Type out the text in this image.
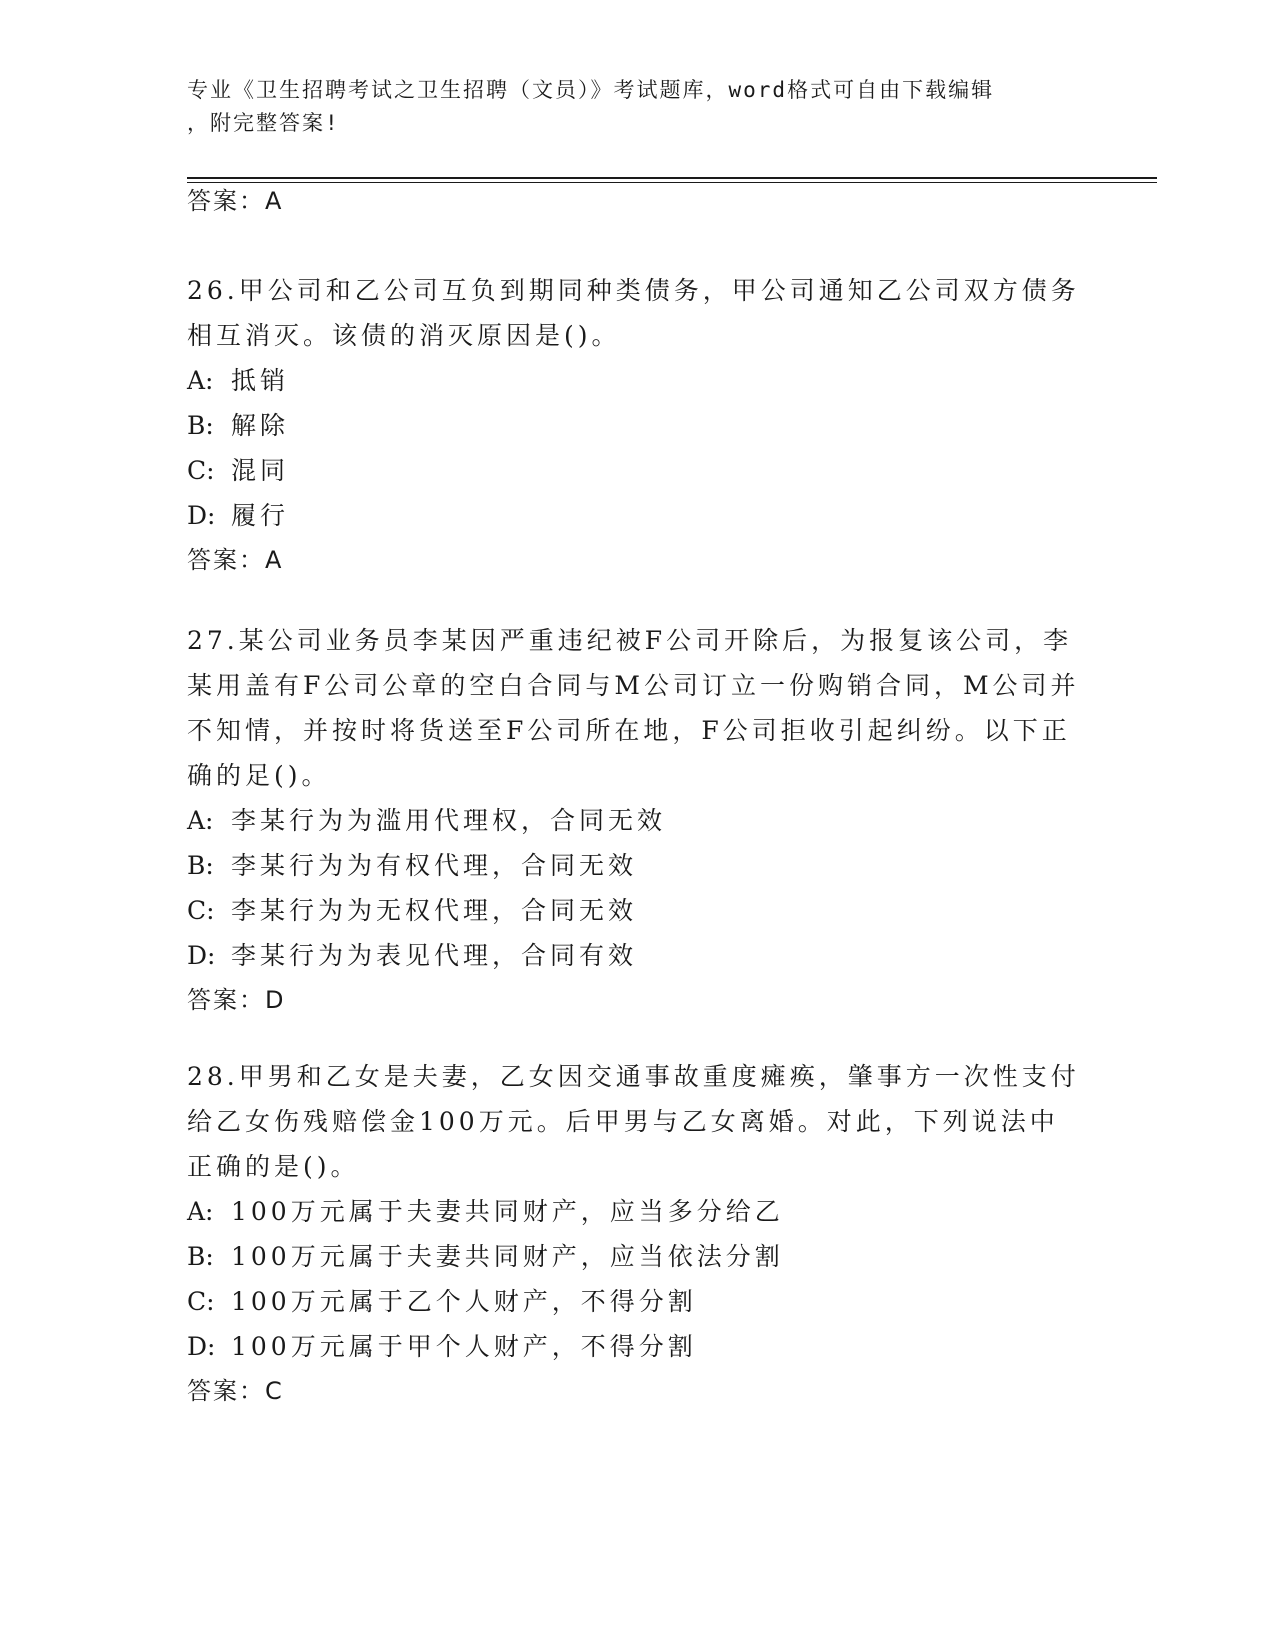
专业《卫生招聘考试之卫生招聘（文员）》考试题库，word格式可自由下载编辑
，附完整答案!
答案：A
26.甲公司和乙公司互负到期同种类债务，甲公司通知乙公司双方债务
相互消灭。该债的消灭原因是()。
A: 抵销
B: 解除
C: 混同
D: 履行
答案：A
27.某公司业务员李某因严重违纪被F公司开除后，为报复该公司，李
某用盖有F公司公章的空白合同与M公司订立一份购销合同，M公司并
不知情，并按时将货送至F公司所在地，F公司拒收引起纠纷。以下正
确的足()。
A: 李某行为为滥用代理权，合同无效
B: 李某行为为有权代理，合同无效
C: 李某行为为无权代理，合同无效
D: 李某行为为表见代理，合同有效
答案：D
28.甲男和乙女是夫妻，乙女因交通事故重度瘫痪，肇事方一次性支付
给乙女伤残赔偿金100万元。后甲男与乙女离婚。对此，下列说法中
正确的是()。
A: 100万元属于夫妻共同财产，应当多分给乙
B: 100万元属于夫妻共同财产，应当依法分割
C: 100万元属于乙个人财产，不得分割
D: 100万元属于甲个人财产，不得分割
答案：C
